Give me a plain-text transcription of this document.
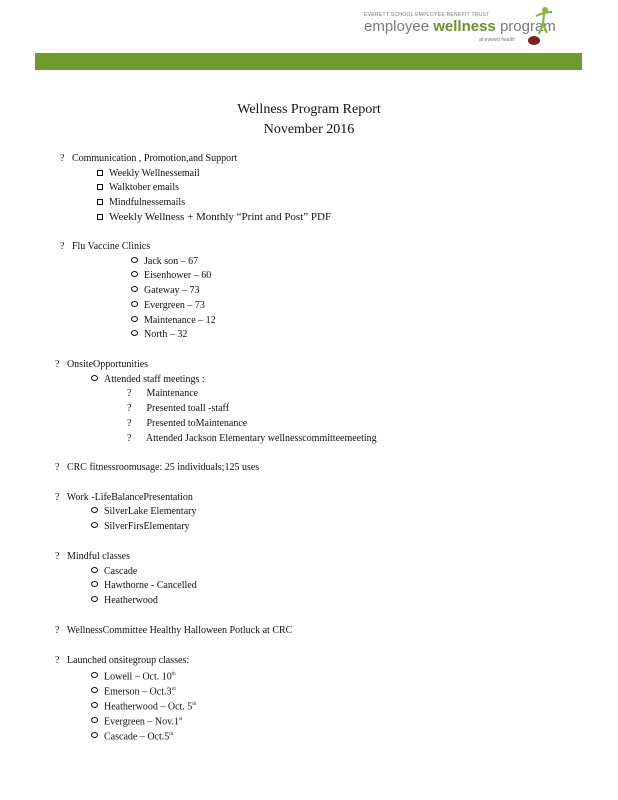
EVERETT SCHOOL EMPLOYEE BENEFIT TRUST
employee wellness program
at everett health
Wellness Program Report
November 2016
? Communication , Promotion,and Support
Weekly Wellnessemail
Walktober emails
Mindfulnessemails
Weekly Wellness + Monthly “Print and Post” PDF
? Flu Vaccine Clinics
Jack son – 67
Eisenhower – 60
Gateway – 73
Evergreen – 73
Maintenance – 12
North – 32
? OnsiteOpportunities
Attended staff meetings :
?      Maintenance
?      Presented toall -staff
?      Presented toMaintenance
?      Attended Jackson Elementary wellnesscommitteemeeting
? CRC fitnessroomusage: 25 individuals;125 uses
? Work -LifeBalancePresentation
SilverLake Elementary
SilverFirsElementary
? Mindful classes
Cascade
Hawthorne - Cancelled
Heatherwood
? WellnessCommittee Healthy Halloween Potluck at CRC
? Launched onsitegroup classes:
Lowell – Oct. 10th
Emerson – Oct.3rd
Heatherwood – Oct. 5th
Evergreen – Nov.1st
Cascade – Oct.5th
